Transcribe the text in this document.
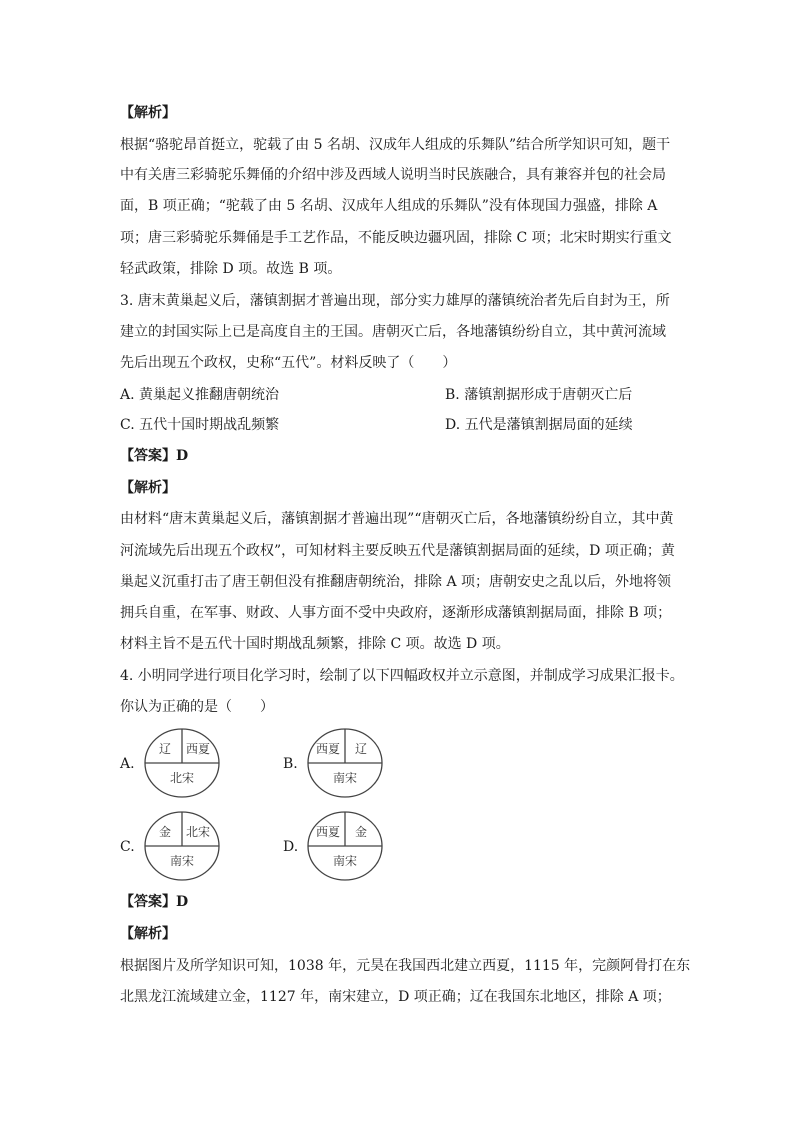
【解析】
根据“骆驼昂首挺立，驼载了由 5 名胡、汉成年人组成的乐舞队”结合所学知识可知，题干
中有关唐三彩骑驼乐舞俑的介绍中涉及西域人说明当时民族融合，具有兼容并包的社会局
面，B 项正确；“驼载了由 5 名胡、汉成年人组成的乐舞队”没有体现国力强盛，排除 A
项；唐三彩骑驼乐舞俑是手工艺作品，不能反映边疆巩固，排除 C 项；北宋时期实行重文
轻武政策，排除 D 项。故选 B 项。
3. 唐末黄巢起义后，藩镇割据才普遍出现，部分实力雄厚的藩镇统治者先后自封为王，所
建立的封国实际上已是高度自主的王国。唐朝灭亡后，各地藩镇纷纷自立，其中黄河流域
先后出现五个政权，史称“五代”。材料反映了（　　）
A. 黄巢起义推翻唐朝统治	B. 藩镇割据形成于唐朝灭亡后
C. 五代十国时期战乱频繁	D. 五代是藩镇割据局面的延续
【答案】D
【解析】
由材料“唐末黄巢起义后，藩镇割据才普遍出现”“唐朝灭亡后，各地藩镇纷纷自立，其中黄
河流域先后出现五个政权”，可知材料主要反映五代是藩镇割据局面的延续，D 项正确；黄
巢起义沉重打击了唐王朝但没有推翻唐朝统治，排除 A 项；唐朝安史之乱以后，外地将领
拥兵自重，在军事、财政、人事方面不受中央政府，逐渐形成藩镇割据局面，排除 B 项；
材料主旨不是五代十国时期战乱频繁，排除 C 项。故选 D 项。
4. 小明同学进行项目化学习时，绘制了以下四幅政权并立示意图，并制成学习成果汇报卡。
你认为正确的是（　　）
A.
辽 西夏
北宋
B.
西夏 辽
南宋
C.
金 北宋
南宋
D.
西夏 金
南宋
【答案】D
【解析】
根据图片及所学知识可知，1038 年，元昊在我国西北建立西夏，1115 年，完颜阿骨打在东
北黑龙江流域建立金，1127 年，南宋建立，D 项正确；辽在我国东北地区，排除 A 项；
